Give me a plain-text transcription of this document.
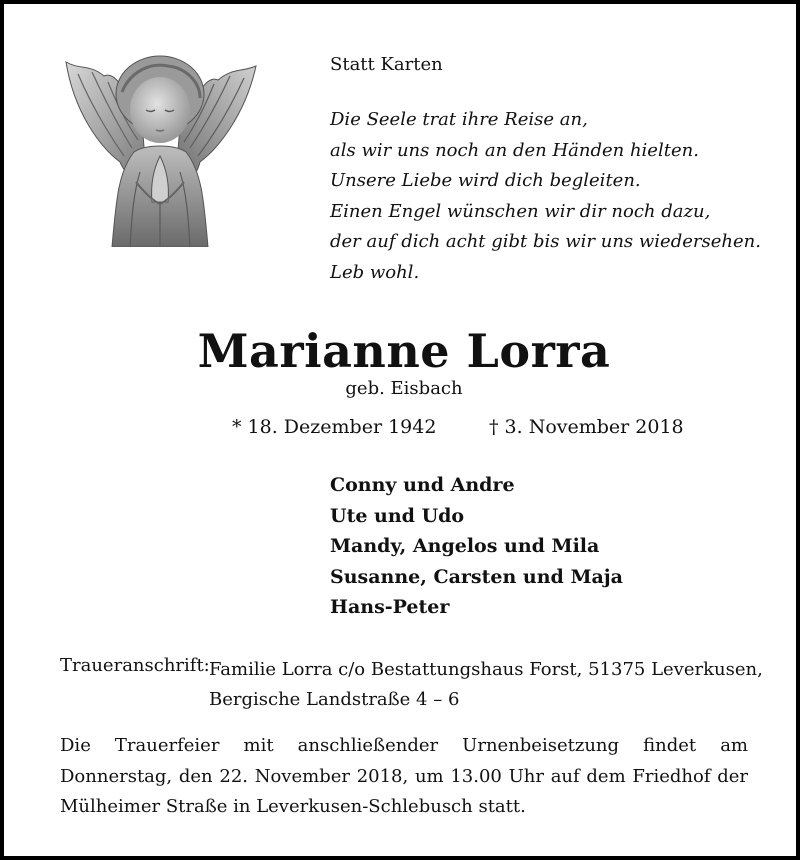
Statt Karten
Die Seele trat ihre Reise an,
als wir uns noch an den Händen hielten.
Unsere Liebe wird dich begleiten.
Einen Engel wünschen wir dir noch dazu,
der auf dich acht gibt bis wir uns wiedersehen.
Leb wohl.
Marianne Lorra
geb. Eisbach
* 18. Dezember 1942	† 3. November 2018
Conny und Andre
Ute und Udo
Mandy, Angelos und Mila
Susanne, Carsten und Maja
Hans-Peter
Traueranschrift: Familie Lorra c/o Bestattungshaus Forst, 51375 Leverkusen,
Bergische Landstraße 4 – 6
Die Trauerfeier mit anschließender Urnenbeisetzung findet am Donnerstag, den 22. November 2018, um 13.00 Uhr auf dem Friedhof der Mülheimer Straße in Leverkusen-Schlebusch statt.
